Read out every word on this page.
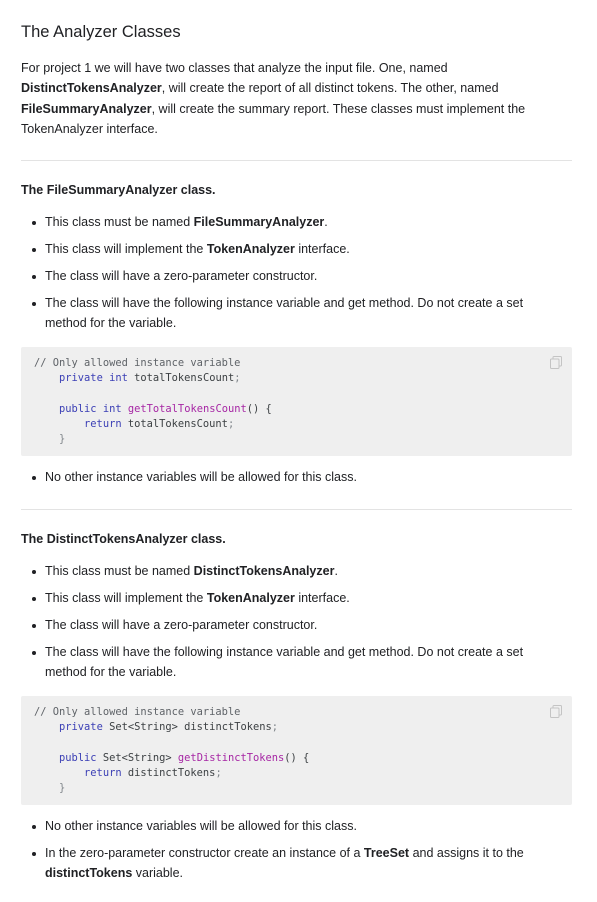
The Analyzer Classes

For project 1 we will have two classes that analyze the input file. One, named DistinctTokensAnalyzer, will create the report of all distinct tokens. The other, named FileSummaryAnalyzer, will create the summary report. These classes must implement the TokenAnalyzer interface.

The FileSummaryAnalyzer class.
This class must be named FileSummaryAnalyzer.
This class will implement the TokenAnalyzer interface.
The class will have a zero-parameter constructor.
The class will have the following instance variable and get method. Do not create a set method for the variable.
// Only allowed instance variable
private int totalTokensCount;

public int getTotalTokensCount() {
return totalTokensCount;
}
No other instance variables will be allowed for this class.
The DistinctTokensAnalyzer class.
This class must be named DistinctTokensAnalyzer.
This class will implement the TokenAnalyzer interface.
The class will have a zero-parameter constructor.
The class will have the following instance variable and get method. Do not create a set method for the variable.
// Only allowed instance variable
private Set<String> distinctTokens;

public Set<String> getDistinctTokens() {
return distinctTokens;
}
No other instance variables will be allowed for this class.
In the zero-parameter constructor create an instance of a TreeSet and assigns it to the distinctTokens variable.
